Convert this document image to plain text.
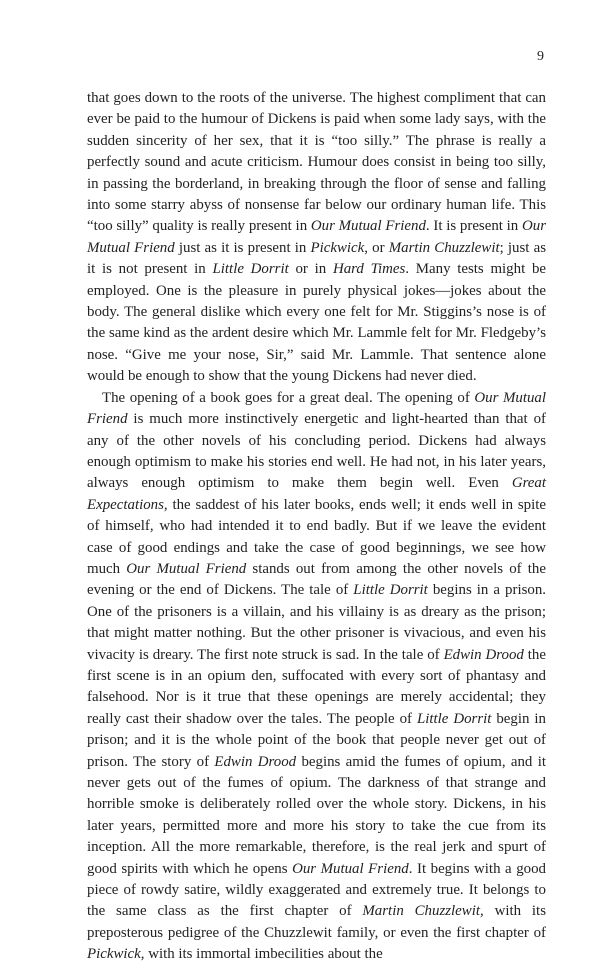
9

that goes down to the roots of the universe. The highest compliment that can ever be paid to the humour of Dickens is paid when some lady says, with the sudden sincerity of her sex, that it is “too silly.” The phrase is really a perfectly sound and acute criticism. Humour does consist in being too silly, in passing the borderland, in breaking through the floor of sense and falling into some starry abyss of nonsense far below our ordinary human life. This “too silly” quality is really present in Our Mutual Friend. It is present in Our Mutual Friend just as it is present in Pickwick, or Martin Chuzzlewit; just as it is not present in Little Dorrit or in Hard Times. Many tests might be employed. One is the pleasure in purely physical jokes—jokes about the body. The general dislike which every one felt for Mr. Stiggins’s nose is of the same kind as the ardent desire which Mr. Lammle felt for Mr. Fledgeby’s nose. “Give me your nose, Sir,” said Mr. Lammle. That sentence alone would be enough to show that the young Dickens had never died.

The opening of a book goes for a great deal. The opening of Our Mutual Friend is much more instinctively energetic and light-hearted than that of any of the other novels of his concluding period. Dickens had always enough optimism to make his stories end well. He had not, in his later years, always enough optimism to make them begin well. Even Great Expectations, the saddest of his later books, ends well; it ends well in spite of himself, who had intended it to end badly. But if we leave the evident case of good endings and take the case of good beginnings, we see how much Our Mutual Friend stands out from among the other novels of the evening or the end of Dickens. The tale of Little Dorrit begins in a prison. One of the prisoners is a villain, and his villainy is as dreary as the prison; that might matter nothing. But the other prisoner is vivacious, and even his vivacity is dreary. The first note struck is sad. In the tale of Edwin Drood the first scene is in an opium den, suffocated with every sort of phantasy and falsehood. Nor is it true that these openings are merely accidental; they really cast their shadow over the tales. The people of Little Dorrit begin in prison; and it is the whole point of the book that people never get out of prison. The story of Edwin Drood begins amid the fumes of opium, and it never gets out of the fumes of opium. The darkness of that strange and horrible smoke is deliberately rolled over the whole story. Dickens, in his later years, permitted more and more his story to take the cue from its inception. All the more remarkable, therefore, is the real jerk and spurt of good spirits with which he opens Our Mutual Friend. It begins with a good piece of rowdy satire, wildly exaggerated and extremely true. It belongs to the same class as the first chapter of Martin Chuzzlewit, with its preposterous pedigree of the Chuzzlewit family, or even the first chapter of Pickwick, with its immortal imbecilities about the
